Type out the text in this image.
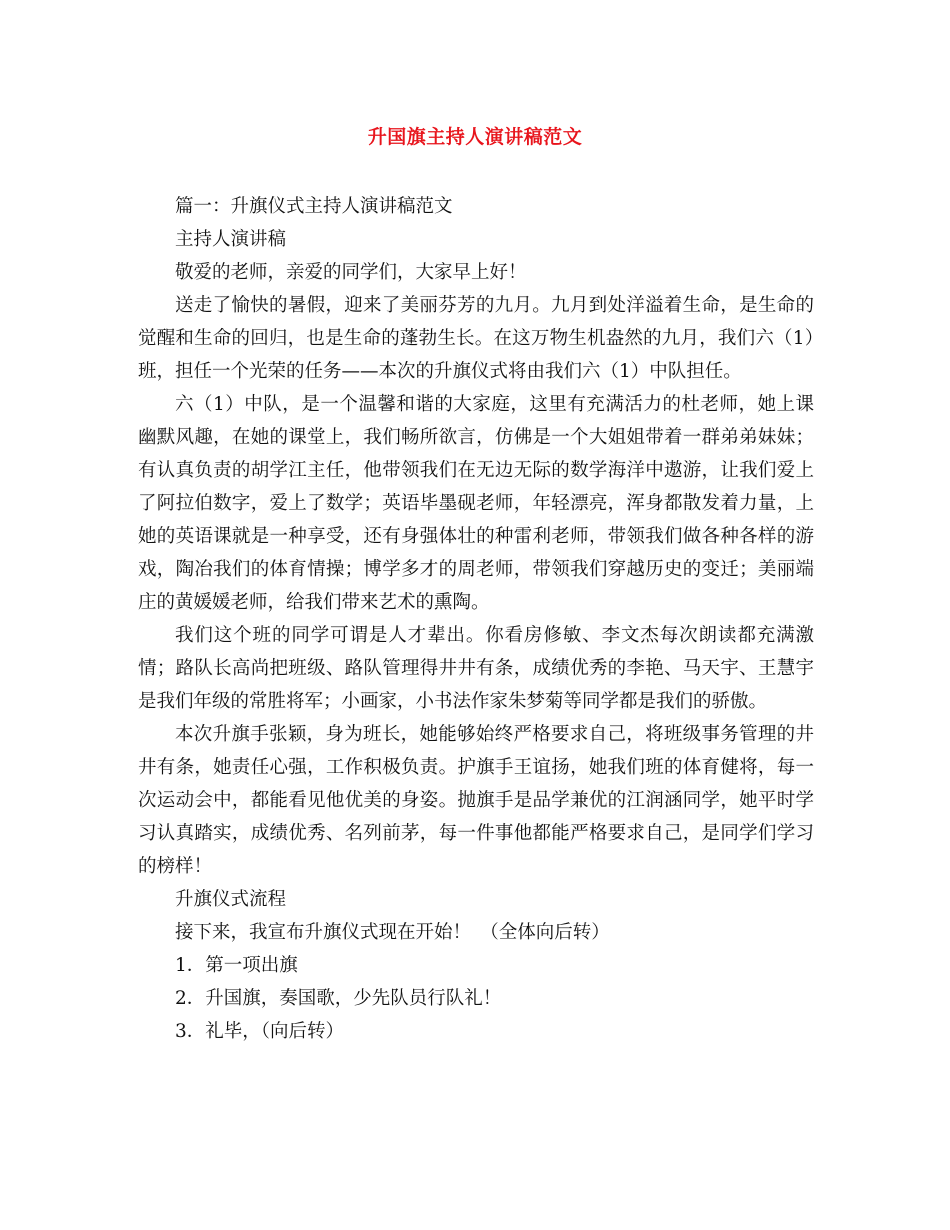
升国旗主持人演讲稿范文

篇一：升旗仪式主持人演讲稿范文

主持人演讲稿

敬爱的老师，亲爱的同学们，大家早上好！

送走了愉快的暑假，迎来了美丽芬芳的九月。九月到处洋溢着生命，是生命的觉醒和生命的回归，也是生命的蓬勃生长。在这万物生机盎然的九月，我们六（1）班，担任一个光荣的任务——本次的升旗仪式将由我们六（1）中队担任。

六（1）中队，是一个温馨和谐的大家庭，这里有充满活力的杜老师，她上课幽默风趣，在她的课堂上，我们畅所欲言，仿佛是一个大姐姐带着一群弟弟妹妹；有认真负责的胡学江主任，他带领我们在无边无际的数学海洋中遨游，让我们爱上了阿拉伯数字，爱上了数学；英语毕墨砚老师，年轻漂亮，浑身都散发着力量，上她的英语课就是一种享受，还有身强体壮的种雷利老师，带领我们做各种各样的游戏，陶冶我们的体育情操；博学多才的周老师，带领我们穿越历史的变迁；美丽端庄的黄媛媛老师，给我们带来艺术的熏陶。

我们这个班的同学可谓是人才辈出。你看房修敏、李文杰每次朗读都充满激情；路队长高尚把班级、路队管理得井井有条，成绩优秀的李艳、马天宇、王慧宇是我们年级的常胜将军；小画家，小书法作家朱梦菊等同学都是我们的骄傲。

本次升旗手张颖，身为班长，她能够始终严格要求自己，将班级事务管理的井井有条，她责任心强，工作积极负责。护旗手王谊扬，她我们班的体育健将，每一次运动会中，都能看见他优美的身姿。抛旗手是品学兼优的江润涵同学，她平时学习认真踏实，成绩优秀、名列前茅，每一件事他都能严格要求自己，是同学们学习的榜样！

升旗仪式流程

接下来，我宣布升旗仪式现在开始！　（全体向后转）

1．第一项出旗

2．升国旗，奏国歌，少先队员行队礼！

3．礼毕，（向后转）
